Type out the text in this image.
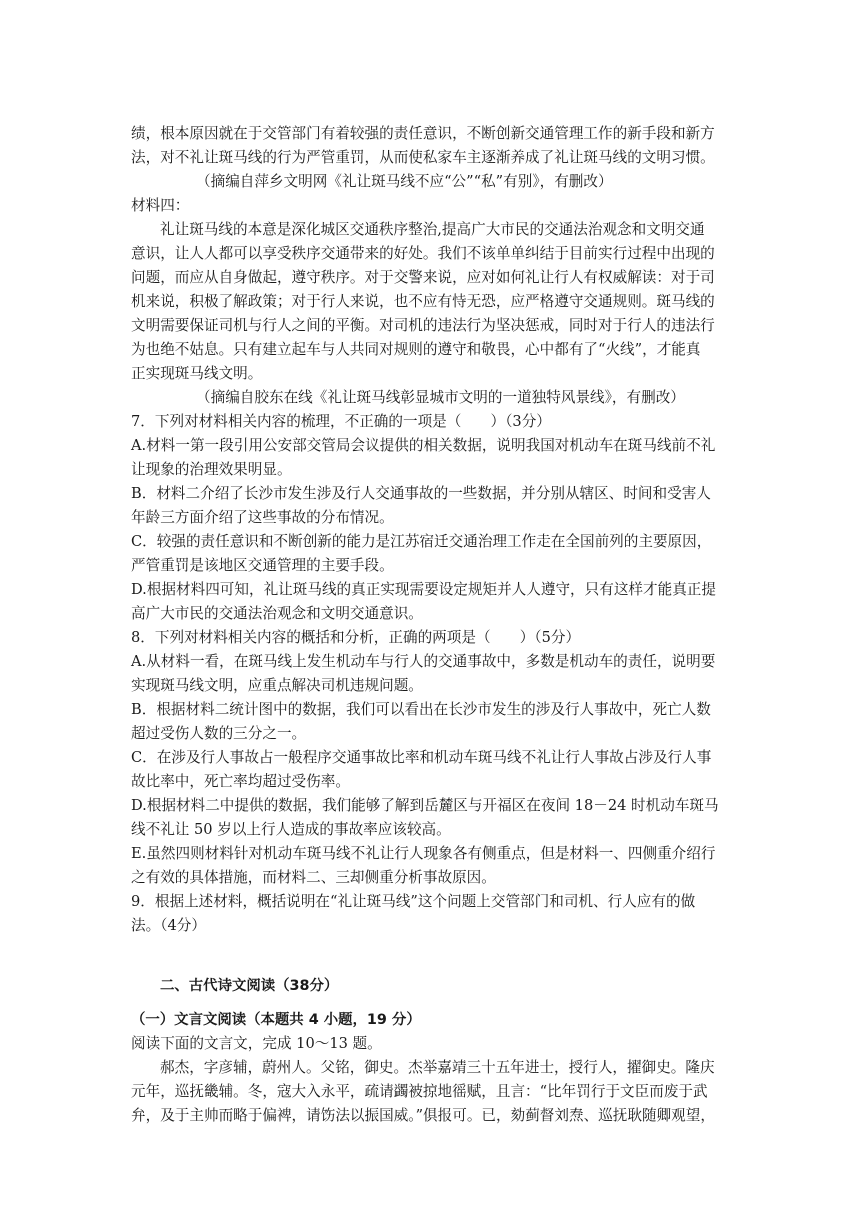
绩，根本原因就在于交管部门有着较强的责任意识，不断创新交通管理工作的新手段和新方
法，对不礼让斑马线的行为严管重罚，从而使私家车主逐渐养成了礼让斑马线的文明习惯。
（摘编自萍乡文明网《礼让斑马线不应“公”“私”有别》，有删改）
材料四：
礼让斑马线的本意是深化城区交通秩序整治,提高广大市民的交通法治观念和文明交通
意识，让人人都可以享受秩序交通带来的好处。我们不该单单纠结于目前实行过程中出现的
问题，而应从自身做起，遵守秩序。对于交警来说，应对如何礼让行人有权威解读：对于司
机来说，积极了解政策；对于行人来说，也不应有恃无恐，应严格遵守交通规则。斑马线的
文明需要保证司机与行人之间的平衡。对司机的违法行为坚决惩戒，同时对于行人的违法行
为也绝不姑息。只有建立起车与人共同对规则的遵守和敬畏，心中都有了“火线”，才能真
正实现斑马线文明。
（摘编自胶东在线《礼让斑马线彰显城市文明的一道独特风景线》，有删改）
7．下列对材料相关内容的梳理，不正确的一项是（　　）（3分）
A.材料一第一段引用公安部交管局会议提供的相关数据，说明我国对机动车在斑马线前不礼
让现象的治理效果明显。
B．材料二介绍了长沙市发生涉及行人交通事故的一些数据，并分别从辖区、时间和受害人
年龄三方面介绍了这些事故的分布情况。
C．较强的责任意识和不断创新的能力是江苏宿迁交通治理工作走在全国前列的主要原因，
严管重罚是该地区交通管理的主要手段。
D.根据材料四可知，礼让斑马线的真正实现需要设定规矩并人人遵守，只有这样才能真正提
高广大市民的交通法治观念和文明交通意识。
8．下列对材料相关内容的概括和分析，正确的两项是（　　）（5分）
A.从材料一看，在斑马线上发生机动车与行人的交通事故中，多数是机动车的责任，说明要
实现斑马线文明，应重点解决司机违规问题。
B．根据材料二统计图中的数据，我们可以看出在长沙市发生的涉及行人事故中，死亡人数
超过受伤人数的三分之一。
C．在涉及行人事故占一般程序交通事故比率和机动车斑马线不礼让行人事故占涉及行人事
故比率中，死亡率均超过受伤率。
D.根据材料二中提供的数据，我们能够了解到岳麓区与开福区在夜间 18－24 时机动车斑马
线不礼让 50 岁以上行人造成的事故率应该较高。
E.虽然四则材料针对机动车斑马线不礼让行人现象各有侧重点，但是材料一、四侧重介绍行
之有效的具体措施，而材料二、三却侧重分析事故原因。
9．根据上述材料，概括说明在“礼让斑马线”这个问题上交管部门和司机、行人应有的做
法。（4分）
二、古代诗文阅读（38分）
（一）文言文阅读（本题共 4 小题，19 分）
阅读下面的文言文，完成 10～13 题。
郝杰，字彦辅，蔚州人。父铭，御史。杰举嘉靖三十五年进士，授行人，擢御史。隆庆
元年，巡抚畿辅。冬，寇大入永平，疏请蠲被掠地徭赋，且言：“比年罚行于文臣而废于武
弁，及于主帅而略于偏裨，请饬法以振国威。”俱报可。已，劾蓟督刘焘、巡抚耿随卿观望，
